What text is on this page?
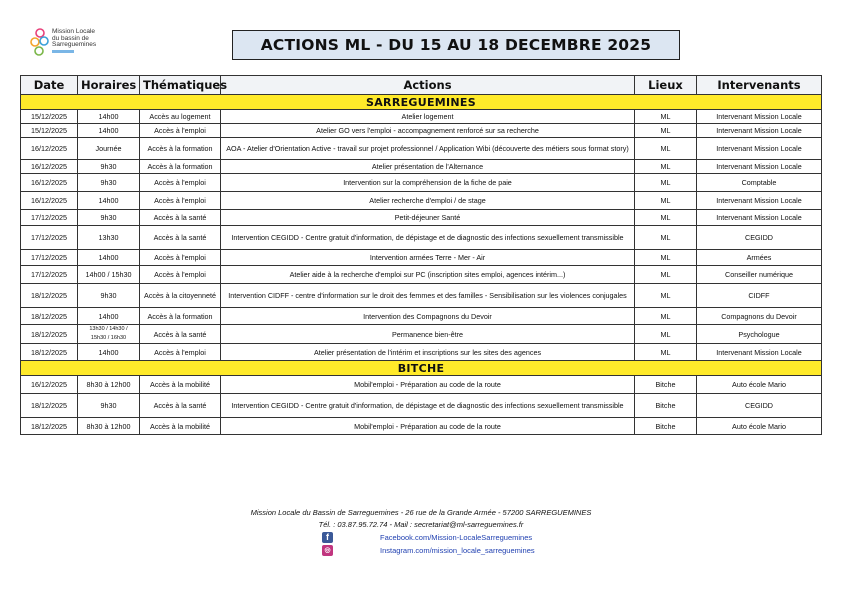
Mission Locale
du bassin de
Sarreguemines	ACTIONS ML - DU 15 AU 18 DECEMBRE 2025
Date	Horaires	Thématiques	Actions	Lieux	Intervenants
SARREGUEMINES					
15/12/2025	14h00	Accès au logement	Atelier logement	ML	Intervenant Mission Locale
15/12/2025	14h00	Accès à l'emploi	Atelier GO vers l'emploi - accompagnement renforcé sur sa recherche	ML	Intervenant Mission Locale
16/12/2025	Journée	Accès à la formation	AOA - Atelier d'Orientation Active - travail sur projet professionnel / Application Wibi (découverte des métiers sous format story)	ML	Intervenant Mission Locale
16/12/2025	9h30	Accès à la formation	Atelier présentation de l'Alternance	ML	Intervenant Mission Locale
16/12/2025	9h30	Accès à l'emploi	Intervention sur la compréhension de la fiche de paie	ML	Comptable
16/12/2025	14h00	Accès à l'emploi	Atelier recherche d'emploi / de stage	ML	Intervenant Mission Locale
17/12/2025	9h30	Accès à la santé	Petit-déjeuner Santé	ML	Intervenant Mission Locale
17/12/2025	13h30	Accès à la santé	Intervention CEGIDD - Centre gratuit d'information, de dépistage et de diagnostic des infections sexuellement transmissible	ML	CEGIDD
17/12/2025	14h00	Accès à l'emploi	Intervention armées Terre - Mer - Air	ML	Armées
17/12/2025	14h00 / 15h30	Accès à l'emploi	Atelier aide à la recherche d'emploi sur PC (inscription sites emploi, agences intérim...)	ML	Conseiller numérique
18/12/2025	9h30	Accès à la citoyenneté	Intervention CIDFF - centre d'information sur le droit des femmes et des familles - Sensibilisation sur les violences conjugales	ML	CIDFF
18/12/2025	14h00	Accès à la formation	Intervention des Compagnons du Devoir	ML	Compagnons du Devoir
18/12/2025	13h30 / 14h30 / 15h30 / 16h30	Accès à la santé	Permanence bien-être	ML	Psychologue
18/12/2025	14h00	Accès à l'emploi	Atelier présentation de l'intérim et inscriptions sur les sites des agences	ML	Intervenant Mission Locale
BITCHE					
16/12/2025	8h30 à 12h00	Accès à la mobilité	Mobil'emploi - Préparation au code de la route	Bitche	Auto école Mario
18/12/2025	9h30	Accès à la santé	Intervention CEGIDD - Centre gratuit d'information, de dépistage et de diagnostic des infections sexuellement transmissible	Bitche	CEGIDD
18/12/2025	8h30 à 12h00	Accès à la mobilité	Mobil'emploi - Préparation au code de la route	Bitche	Auto école Mario
Mission Locale du Bassin de Sarreguemines - 26 rue de la Grande Armée - 57200 SARREGUEMINES
Tél. : 03.87.95.72.74 - Mail : secretariat@ml-sarreguemines.fr
f	Facebook.com/Mission-LocaleSarreguemines
◎	Instagram.com/mission_locale_sarreguemines
